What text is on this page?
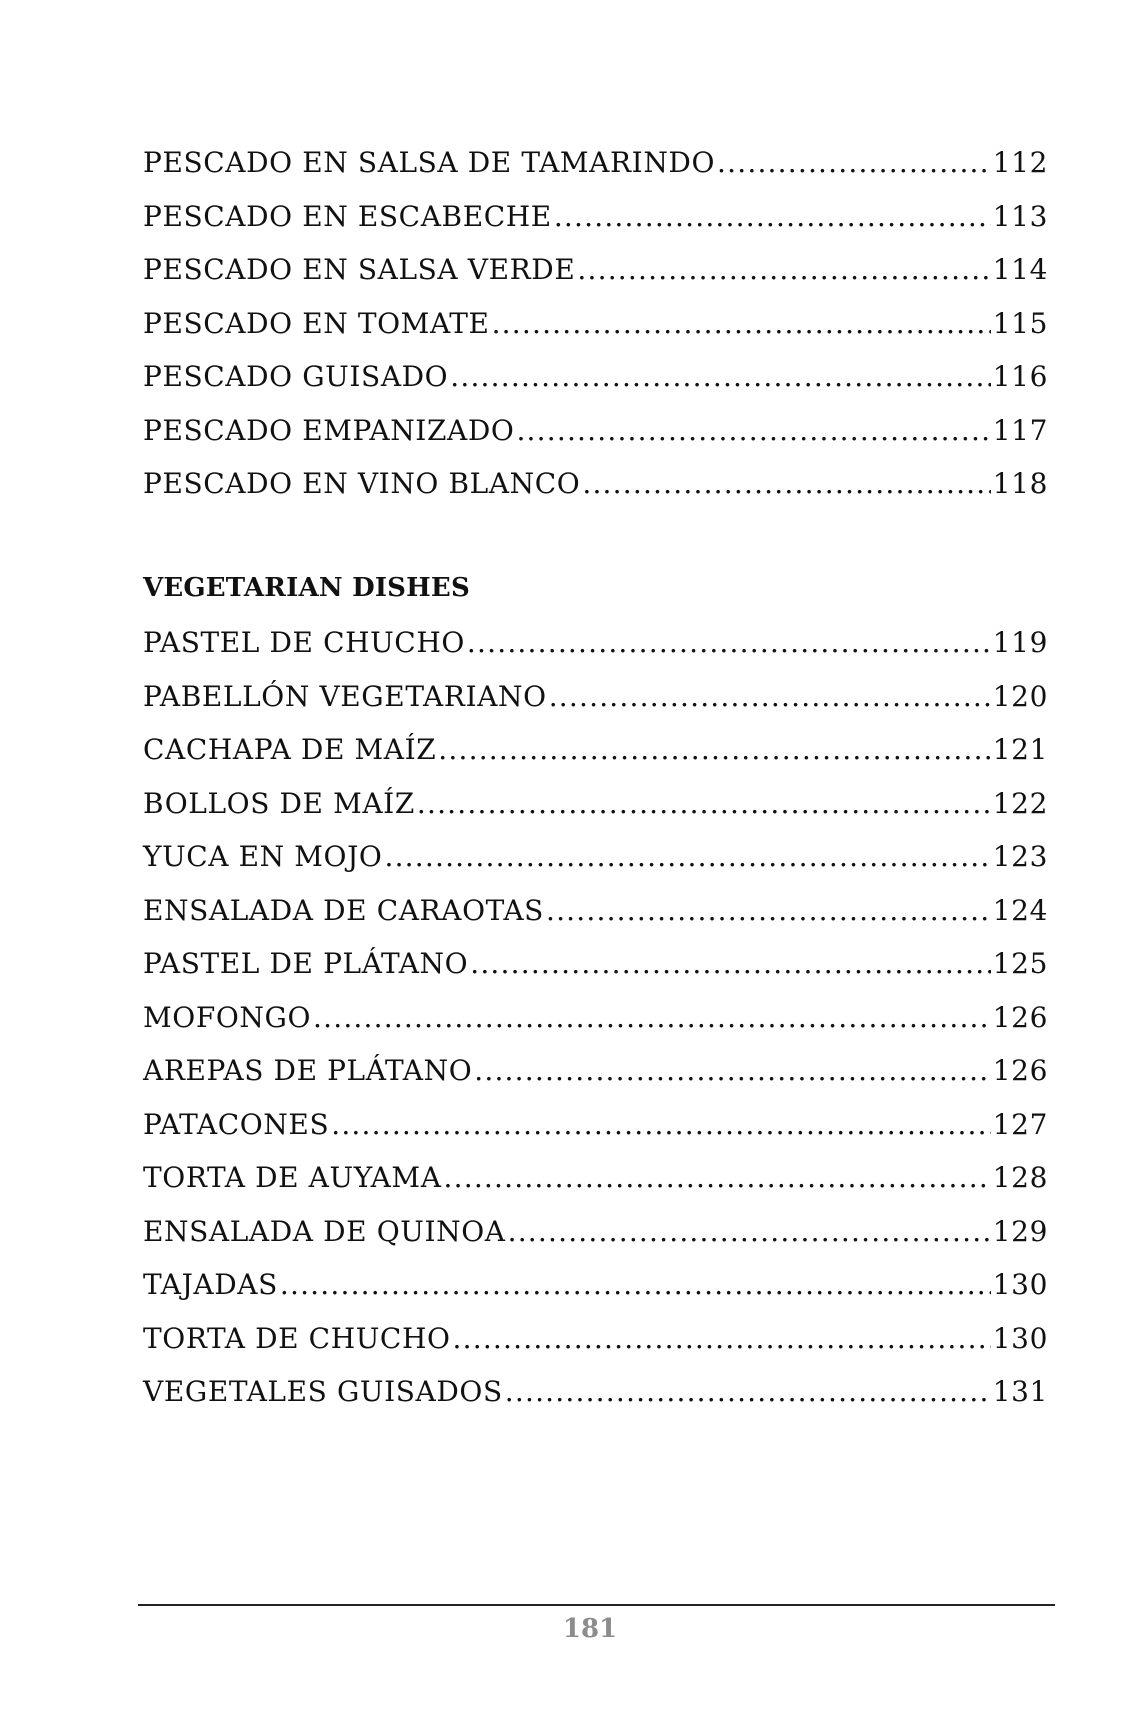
PESCADO EN SALSA DE TAMARINDO .....	112
PESCADO EN ESCABECHE .....	113
PESCADO EN SALSA VERDE .....	114
PESCADO EN TOMATE .....	115
PESCADO GUISADO .....	116
PESCADO EMPANIZADO .....	117
PESCADO EN VINO BLANCO .....	118
VEGETARIAN DISHES
PASTEL DE CHUCHO .....	119
PABELLÓN VEGETARIANO .....	120
CACHAPA DE MAÍZ .....	121
BOLLOS DE MAÍZ .....	122
YUCA EN MOJO .....	123
ENSALADA DE CARAOTAS .....	124
PASTEL DE PLÁTANO .....	125
MOFONGO .....	126
AREPAS DE PLÁTANO .....	126
PATACONES .....	127
TORTA DE AUYAMA .....	128
ENSALADA DE QUINOA .....	129
TAJADAS .....	130
TORTA DE CHUCHO .....	130
VEGETALES GUISADOS .....	131
181
